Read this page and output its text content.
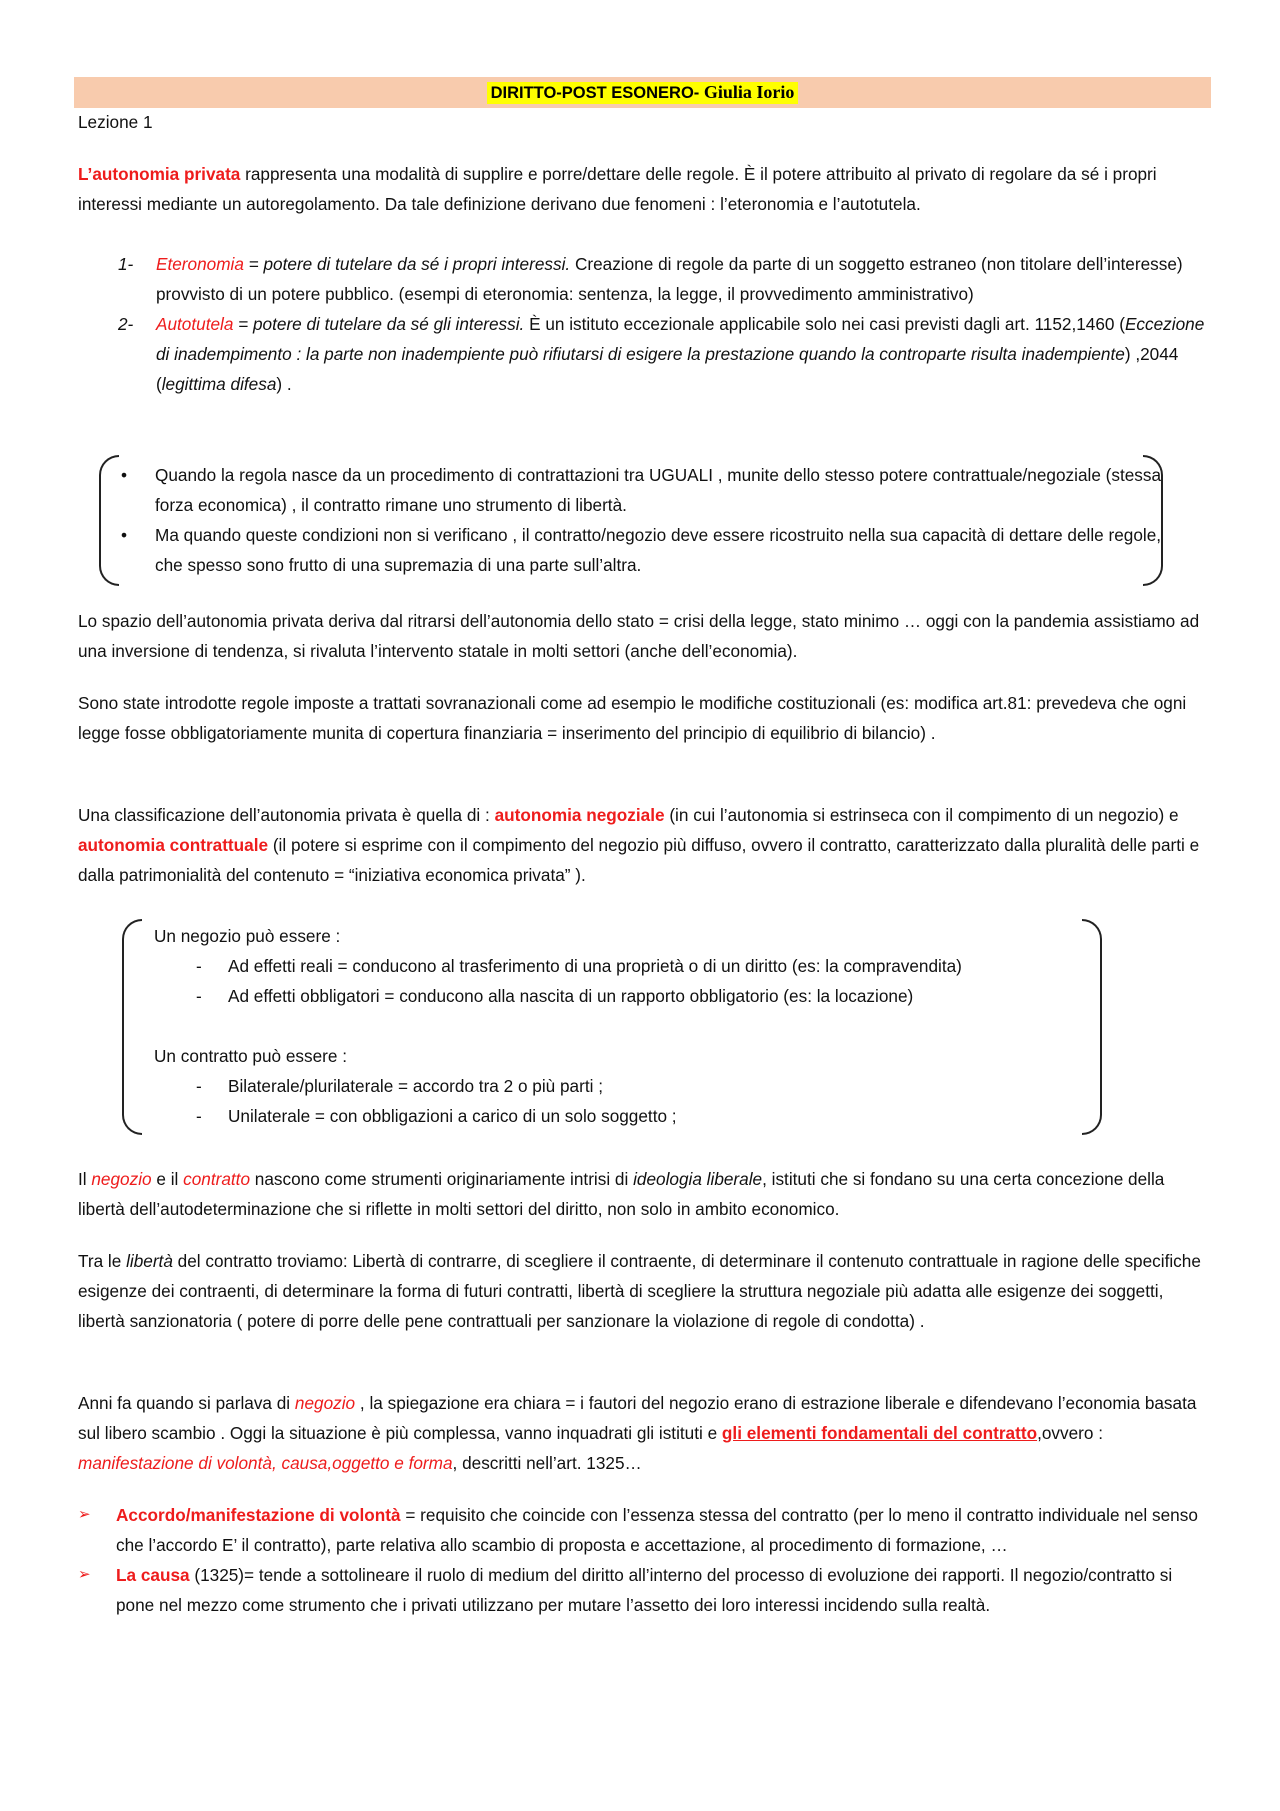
DIRITTO-POST ESONERO- Giulia Iorio

Lezione 1

L’autonomia privata rappresenta una modalità di supplire e porre/dettare delle regole. È il potere attribuito al privato di regolare da sé i propri interessi mediante un autoregolamento. Da tale definizione derivano due fenomeni : l’eteronomia e l’autotutela.

1- Eteronomia = potere di tutelare da sé i propri interessi. Creazione di regole da parte di un soggetto estraneo (non titolare dell’interesse) provvisto di un potere pubblico. (esempi di eteronomia: sentenza, la legge, il provvedimento amministrativo)

2- Autotutela = potere di tutelare da sé gli interessi. È un istituto eccezionale applicabile solo nei casi previsti dagli art. 1152,1460 (Eccezione di inadempimento : la parte non inadempiente può rifiutarsi di esigere la prestazione quando la controparte risulta inadempiente) ,2044 (legittima difesa) .

• Quando la regola nasce da un procedimento di contrattazioni tra UGUALI , munite dello stesso potere contrattuale/negoziale (stessa forza economica) , il contratto rimane uno strumento di libertà.

• Ma quando queste condizioni non si verificano , il contratto/negozio deve essere ricostruito nella sua capacità di dettare delle regole, che spesso sono frutto di una supremazia di una parte sull’altra.

Lo spazio dell’autonomia privata deriva dal ritrarsi dell’autonomia dello stato = crisi della legge, stato minimo … oggi con la pandemia assistiamo ad una inversione di tendenza, si rivaluta l’intervento statale in molti settori (anche dell’economia).

Sono state introdotte regole imposte a trattati sovranazionali come ad esempio le modifiche costituzionali (es: modifica art.81: prevedeva che ogni legge fosse obbligatoriamente munita di copertura finanziaria = inserimento del principio di equilibrio di bilancio) .

Una classificazione dell’autonomia privata è quella di : autonomia negoziale (in cui l’autonomia si estrinseca con il compimento di un negozio) e autonomia contrattuale (il potere si esprime con il compimento del negozio più diffuso, ovvero il contratto, caratterizzato dalla pluralità delle parti e dalla patrimonialità del contenuto = “iniziativa economica privata” ).

Un negozio può essere :

- Ad effetti reali = conducono al trasferimento di una proprietà o di un diritto (es: la compravendita)

- Ad effetti obbligatori = conducono alla nascita di un rapporto obbligatorio (es: la locazione)

Un contratto può essere :

- Bilaterale/plurilaterale = accordo tra 2 o più parti ;

- Unilaterale = con obbligazioni a carico di un solo soggetto ;

Il negozio e il contratto nascono come strumenti originariamente intrisi di ideologia liberale, istituti che si fondano su una certa concezione della libertà dell’autodeterminazione che si riflette in molti settori del diritto, non solo in ambito economico.

Tra le libertà del contratto troviamo: Libertà di contrarre, di scegliere il contraente, di determinare il contenuto contrattuale in ragione delle specifiche esigenze dei contraenti, di determinare la forma di futuri contratti, libertà di scegliere la struttura negoziale più adatta alle esigenze dei soggetti, libertà sanzionatoria ( potere di porre delle pene contrattuali per sanzionare la violazione di regole di condotta) .

Anni fa quando si parlava di negozio , la spiegazione era chiara = i fautori del negozio erano di estrazione liberale e difendevano l’economia basata sul libero scambio . Oggi la situazione è più complessa, vanno inquadrati gli istituti e gli elementi fondamentali del contratto,ovvero : manifestazione di volontà, causa,oggetto e forma, descritti nell’art. 1325…

➢ Accordo/manifestazione di volontà = requisito che coincide con l’essenza stessa del contratto (per lo meno il contratto individuale nel senso che l’accordo E’ il contratto), parte relativa allo scambio di proposta e accettazione, al procedimento di formazione, …

➢ La causa (1325)= tende a sottolineare il ruolo di medium del diritto all’interno del processo di evoluzione dei rapporti. Il negozio/contratto si pone nel mezzo come strumento che i privati utilizzano per mutare l’assetto dei loro interessi incidendo sulla realtà.
